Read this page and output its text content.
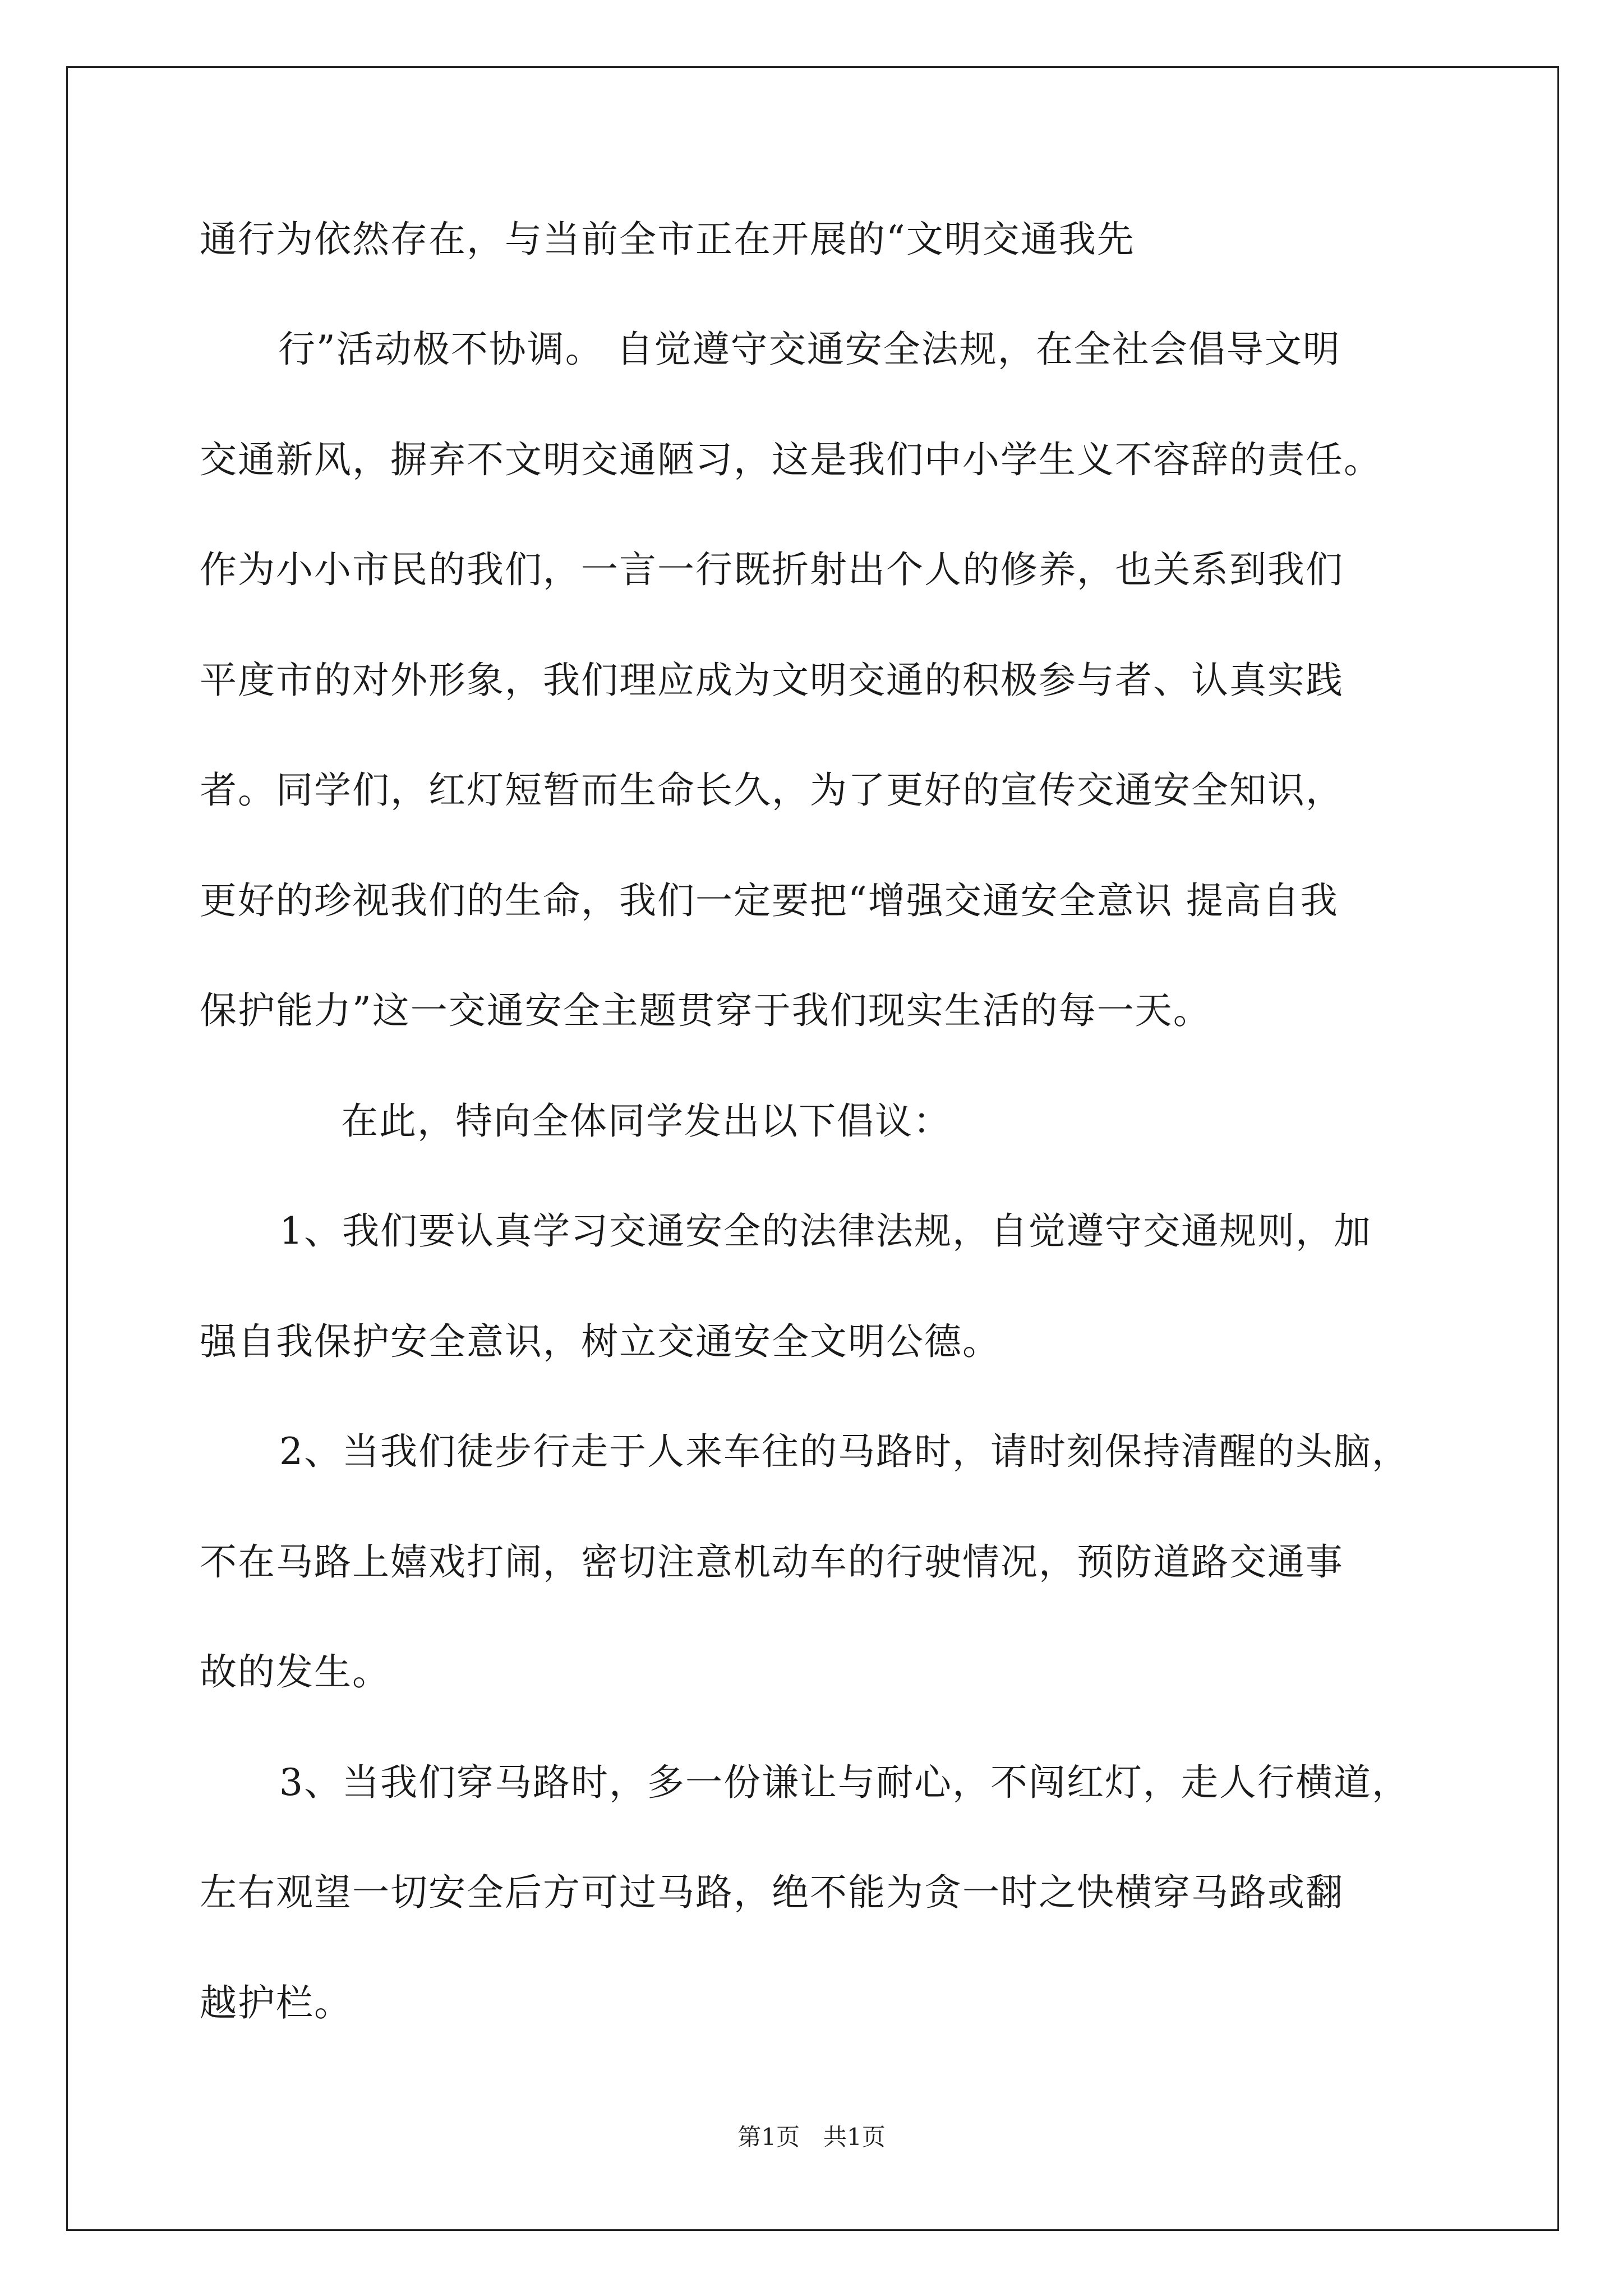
通行为依然存在，与当前全市正在开展的“文明交通我先
行”活动极不协调。 自觉遵守交通安全法规，在全社会倡导文明
交通新风，摒弃不文明交通陋习，这是我们中小学生义不容辞的责任。
作为小小市民的我们，一言一行既折射出个人的修养，也关系到我们
平度市的对外形象，我们理应成为文明交通的积极参与者、认真实践
者。同学们，红灯短暂而生命长久，为了更好的宣传交通安全知识，
更好的珍视我们的生命，我们一定要把“增强交通安全意识 提高自我
保护能力”这一交通安全主题贯穿于我们现实生活的每一天。
在此，特向全体同学发出以下倡议：
1、我们要认真学习交通安全的法律法规，自觉遵守交通规则，加
强自我保护安全意识，树立交通安全文明公德。
2、当我们徒步行走于人来车往的马路时，请时刻保持清醒的头脑，
不在马路上嬉戏打闹，密切注意机动车的行驶情况，预防道路交通事
故的发生。
3、当我们穿马路时，多一份谦让与耐心，不闯红灯，走人行横道，
左右观望一切安全后方可过马路，绝不能为贪一时之快横穿马路或翻
越护栏。
第1页　共1页
